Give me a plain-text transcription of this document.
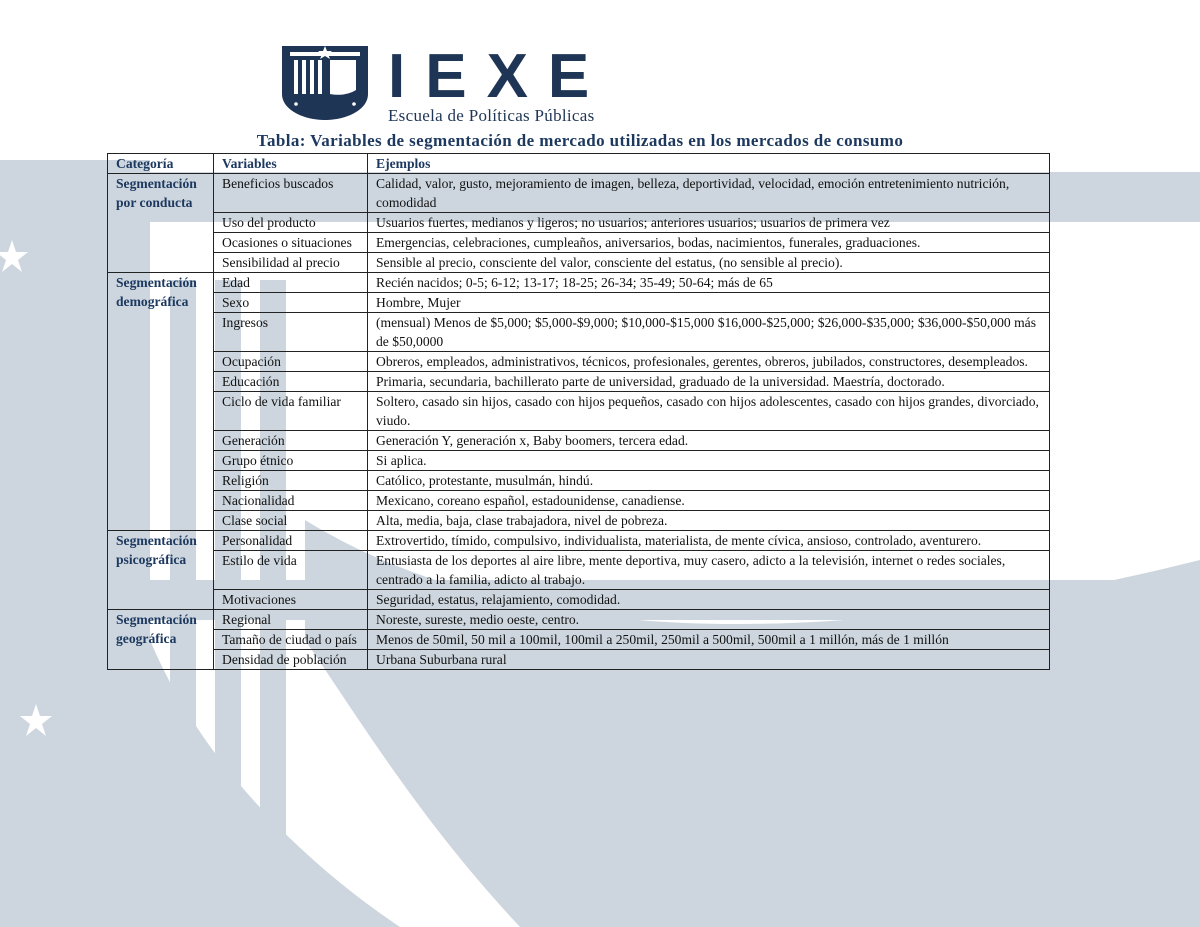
IEXE
Escuela de Políticas Públicas
Tabla: Variables de segmentación de mercado utilizadas en los mercados de consumo
Categoría	Variables	Ejemplos

Segmentación
por conducta	Beneficios buscados	Calidad, valor, gusto, mejoramiento de imagen, belleza, deportividad, velocidad, emoción entretenimiento nutrición, comodidad
	Uso del producto	Usuarios fuertes, medianos y ligeros; no usuarios; anteriores usuarios; usuarios de primera vez
	Ocasiones o situaciones	Emergencias, celebraciones, cumpleaños, aniversarios, bodas, nacimientos, funerales, graduaciones.
	Sensibilidad al precio	Sensible al precio, consciente del valor, consciente del estatus, (no sensible al precio).

Segmentación
demográfica	Edad	Recién nacidos; 0-5; 6-12; 13-17; 18-25; 26-34; 35-49; 50-64; más de 65
	Sexo	Hombre, Mujer
	Ingresos	(mensual) Menos de $5,000; $5,000-$9,000; $10,000-$15,000 $16,000-$25,000; $26,000-$35,000; $36,000-$50,000 más de $50,0000
	Ocupación	Obreros, empleados, administrativos, técnicos, profesionales, gerentes, obreros, jubilados, constructores, desempleados.
	Educación	Primaria, secundaria, bachillerato parte de universidad, graduado de la universidad. Maestría, doctorado.
	Ciclo de vida familiar	Soltero, casado sin hijos, casado con hijos pequeños, casado con hijos adolescentes, casado con hijos grandes, divorciado, viudo.
	Generación	Generación Y, generación x, Baby boomers, tercera edad.
	Grupo étnico	Si aplica.
	Religión	Católico, protestante, musulmán, hindú.
	Nacionalidad	Mexicano, coreano español, estadounidense, canadiense.
	Clase social	Alta, media, baja, clase trabajadora, nivel de pobreza.

Segmentación
psicográfica	Personalidad	Extrovertido, tímido, compulsivo, individualista, materialista, de mente cívica, ansioso, controlado, aventurero.
	Estilo de vida	Entusiasta de los deportes al aire libre, mente deportiva, muy casero, adicto a la televisión, internet o redes sociales, centrado a la familia, adicto al trabajo.
	Motivaciones	Seguridad, estatus, relajamiento, comodidad.

Segmentación
geográfica	Regional	Noreste, sureste, medio oeste, centro.
	Tamaño de ciudad o país	Menos de 50mil, 50 mil a 100mil, 100mil a 250mil, 250mil a 500mil, 500mil a 1 millón, más de 1 millón
	Densidad de población	Urbana Suburbana rural
